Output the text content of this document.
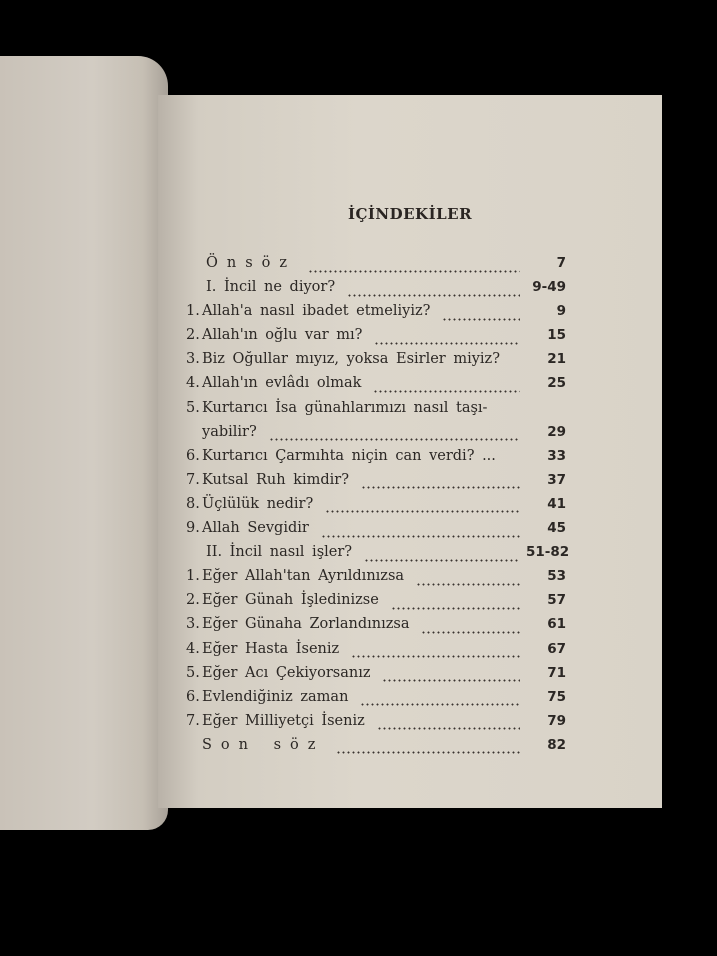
İÇİNDEKİLER
Önsöz	7
I. İncil ne diyor?	9-49
1. Allah'a nasıl ibadet etmeliyiz?	9
2. Allah'ın oğlu var mı?	15
3. Biz Oğullar mıyız, yoksa Esirler miyiz?	21
4. Allah'ın evlâdı olmak	25
5. Kurtarıcı İsa günahlarımızı nasıl taşı-
yabilir?	29
6. Kurtarıcı Çarmıhta niçin can verdi? ...	33
7. Kutsal Ruh kimdir?	37
8. Üçlülük nedir?	41
9. Allah Sevgidir	45
II. İncil nasıl işler?	51-82
1. Eğer Allah'tan Ayrıldınızsa	53
2. Eğer Günah İşledinizse	57
3. Eğer Günaha Zorlandınızsa	61
4. Eğer Hasta İseniz	67
5. Eğer Acı Çekiyorsanız	71
6. Evlendiğiniz zaman	75
7. Eğer Milliyetçi İseniz	79
Son söz	82
